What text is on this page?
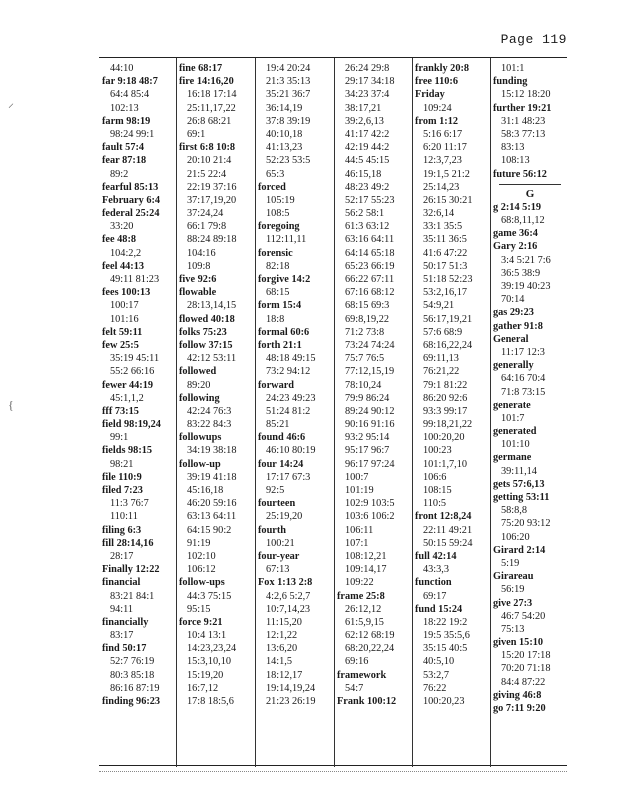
Page 119
⸝
{
44:10
far 9:18 48:7
64:4 85:4
102:13
farm 98:19
98:24 99:1
fault 57:4
fear 87:18
89:2
fearful 85:13
February 6:4
federal 25:24
33:20
fee 48:8
104:2,2
feel 44:13
49:11 81:23
fees 100:13
100:17
101:16
felt 59:11
few 25:5
35:19 45:11
55:2 66:16
fewer 44:19
45:1,1,2
fff 73:15
field 98:19,24
99:1
fields 98:15
98:21
file 110:9
filed 7:23
11:3 76:7
110:11
filing 6:3
fill 28:14,16
28:17
Finally 12:22
financial
83:21 84:1
94:11
financially
83:17
find 50:17
52:7 76:19
80:3 85:18
86:16 87:19
finding 96:23
fine 68:17
fire 14:16,20
16:18 17:14
25:11,17,22
26:8 68:21
69:1
first 6:8 10:8
20:10 21:4
21:5 22:4
22:19 37:16
37:17,19,20
37:24,24
66:1 79:8
88:24 89:18
104:16
109:8
five 92:6
flowable
28:13,14,15
flowed 40:18
folks 75:23
follow 37:15
42:12 53:11
followed
89:20
following
42:24 76:3
83:22 84:3
followups
34:19 38:18
follow-up
39:19 41:18
45:16,18
46:20 59:16
63:13 64:11
64:15 90:2
91:19
102:10
106:12
follow-ups
44:3 75:15
95:15
force 9:21
10:4 13:1
14:23,23,24
15:3,10,10
15:19,20
16:7,12
17:8 18:5,6
19:4 20:24
21:3 35:13
35:21 36:7
36:14,19
37:8 39:19
40:10,18
41:13,23
52:23 53:5
65:3
forced
105:19
108:5
foregoing
112:11,11
forensic
82:18
forgive 14:2
68:15
form 15:4
18:8
formal 60:6
forth 21:1
48:18 49:15
73:2 94:12
forward
24:23 49:23
51:24 81:2
85:21
found 46:6
46:10 80:19
four 14:24
17:17 67:3
92:5
fourteen
25:19,20
fourth
100:21
four-year
67:13
Fox 1:13 2:8
4:2,6 5:2,7
10:7,14,23
11:15,20
12:1,22
13:6,20
14:1,5
18:12,17
19:14,19,24
21:23 26:19
26:24 29:8
29:17 34:18
34:23 37:4
38:17,21
39:2,6,13
41:17 42:2
42:19 44:2
44:5 45:15
46:15,18
48:23 49:2
52:17 55:23
56:2 58:1
61:3 63:12
63:16 64:11
64:14 65:18
65:23 66:19
66:22 67:11
67:16 68:12
68:15 69:3
69:8,19,22
71:2 73:8
73:24 74:24
75:7 76:5
77:12,15,19
78:10,24
79:9 86:24
89:24 90:12
90:16 91:16
93:2 95:14
95:17 96:7
96:17 97:24
100:7
101:19
102:9 103:5
103:6 106:2
106:11
107:1
108:12,21
109:14,17
109:22
frame 25:8
26:12,12
61:5,9,15
62:12 68:19
68:20,22,24
69:16
framework
54:7
Frank 100:12
frankly 20:8
free 110:6
Friday
109:24
from 1:12
5:16 6:17
6:20 11:17
12:3,7,23
19:1,5 21:2
25:14,23
26:15 30:21
32:6,14
33:1 35:5
35:11 36:5
41:6 47:22
50:17 51:3
51:18 52:23
53:2,16,17
54:9,21
56:17,19,21
57:6 68:9
68:16,22,24
69:11,13
76:21,22
79:1 81:22
86:20 92:6
93:3 99:17
99:18,21,22
100:20,20
100:23
101:1,7,10
106:6
108:15
110:5
front 12:8,24
22:11 49:21
50:15 59:24
full 42:14
43:3,3
function
69:17
fund 15:24
18:22 19:2
19:5 35:5,6
35:15 40:5
40:5,10
53:2,7
76:22
100:20,23
101:1
funding
15:12 18:20
further 19:21
31:1 48:23
58:3 77:13
83:13
108:13
future 56:12
G
g 2:14 5:19
68:8,11,12
game 36:4
Gary 2:16
3:4 5:21 7:6
36:5 38:9
39:19 40:23
70:14
gas 29:23
gather 91:8
General
11:17 12:3
generally
64:16 70:4
71:8 73:15
generate
101:7
generated
101:10
germane
39:11,14
gets 57:6,13
getting 53:11
58:8,8
75:20 93:12
106:20
Girard 2:14
5:19
Girareau
56:19
give 27:3
46:7 54:20
75:13
given 15:10
15:20 17:18
70:20 71:18
84:4 87:22
giving 46:8
go 7:11 9:20
